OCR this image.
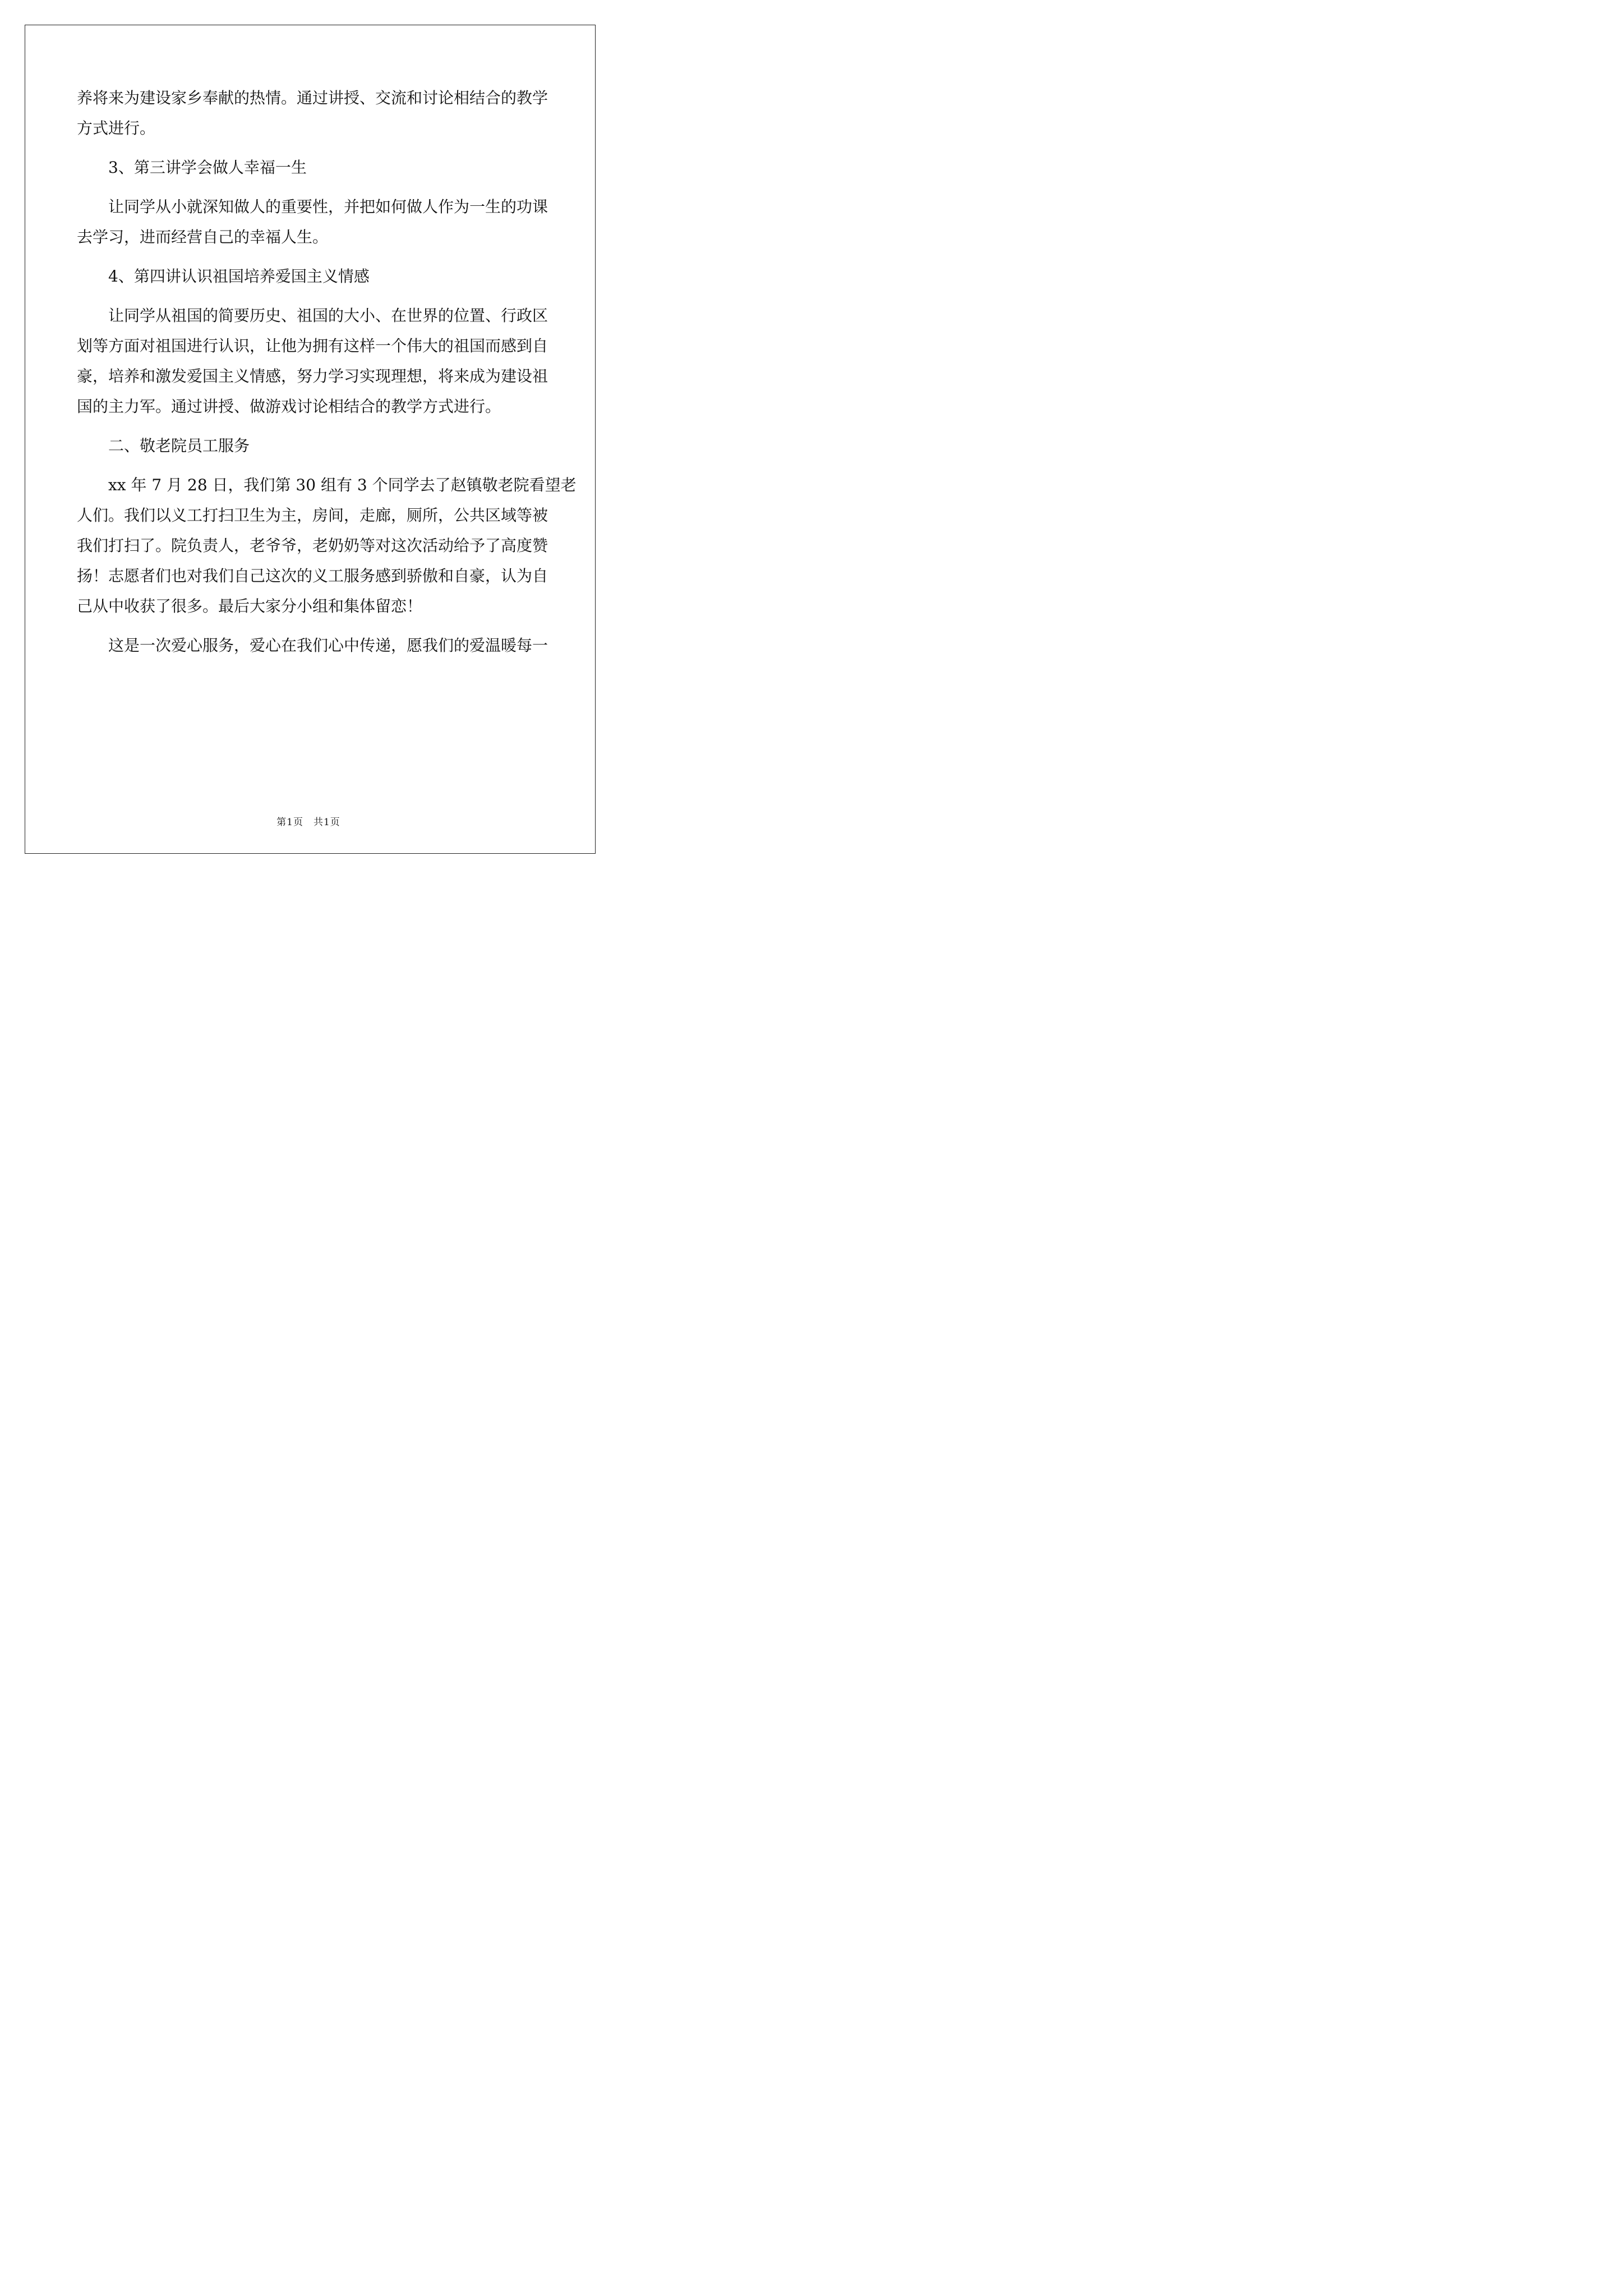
养将来为建设家乡奉献的热情。通过讲授、交流和讨论相结合的教学
方式进行。
3、第三讲学会做人幸福一生
让同学从小就深知做人的重要性，并把如何做人作为一生的功课
去学习，进而经营自己的幸福人生。
4、第四讲认识祖国培养爱国主义情感
让同学从祖国的简要历史、祖国的大小、在世界的位置、行政区
划等方面对祖国进行认识，让他为拥有这样一个伟大的祖国而感到自
豪，培养和激发爱国主义情感，努力学习实现理想，将来成为建设祖
国的主力军。通过讲授、做游戏讨论相结合的教学方式进行。
二、敬老院员工服务
xx 年 7 月 28 日，我们第 30 组有 3 个同学去了赵镇敬老院看望老
人们。我们以义工打扫卫生为主，房间，走廊，厕所，公共区域等被
我们打扫了。院负责人，老爷爷，老奶奶等对这次活动给予了高度赞
扬！志愿者们也对我们自己这次的义工服务感到骄傲和自豪，认为自
己从中收获了很多。最后大家分小组和集体留恋！
这是一次爱心服务，爱心在我们心中传递，愿我们的爱温暖每一
第1页　共1页
